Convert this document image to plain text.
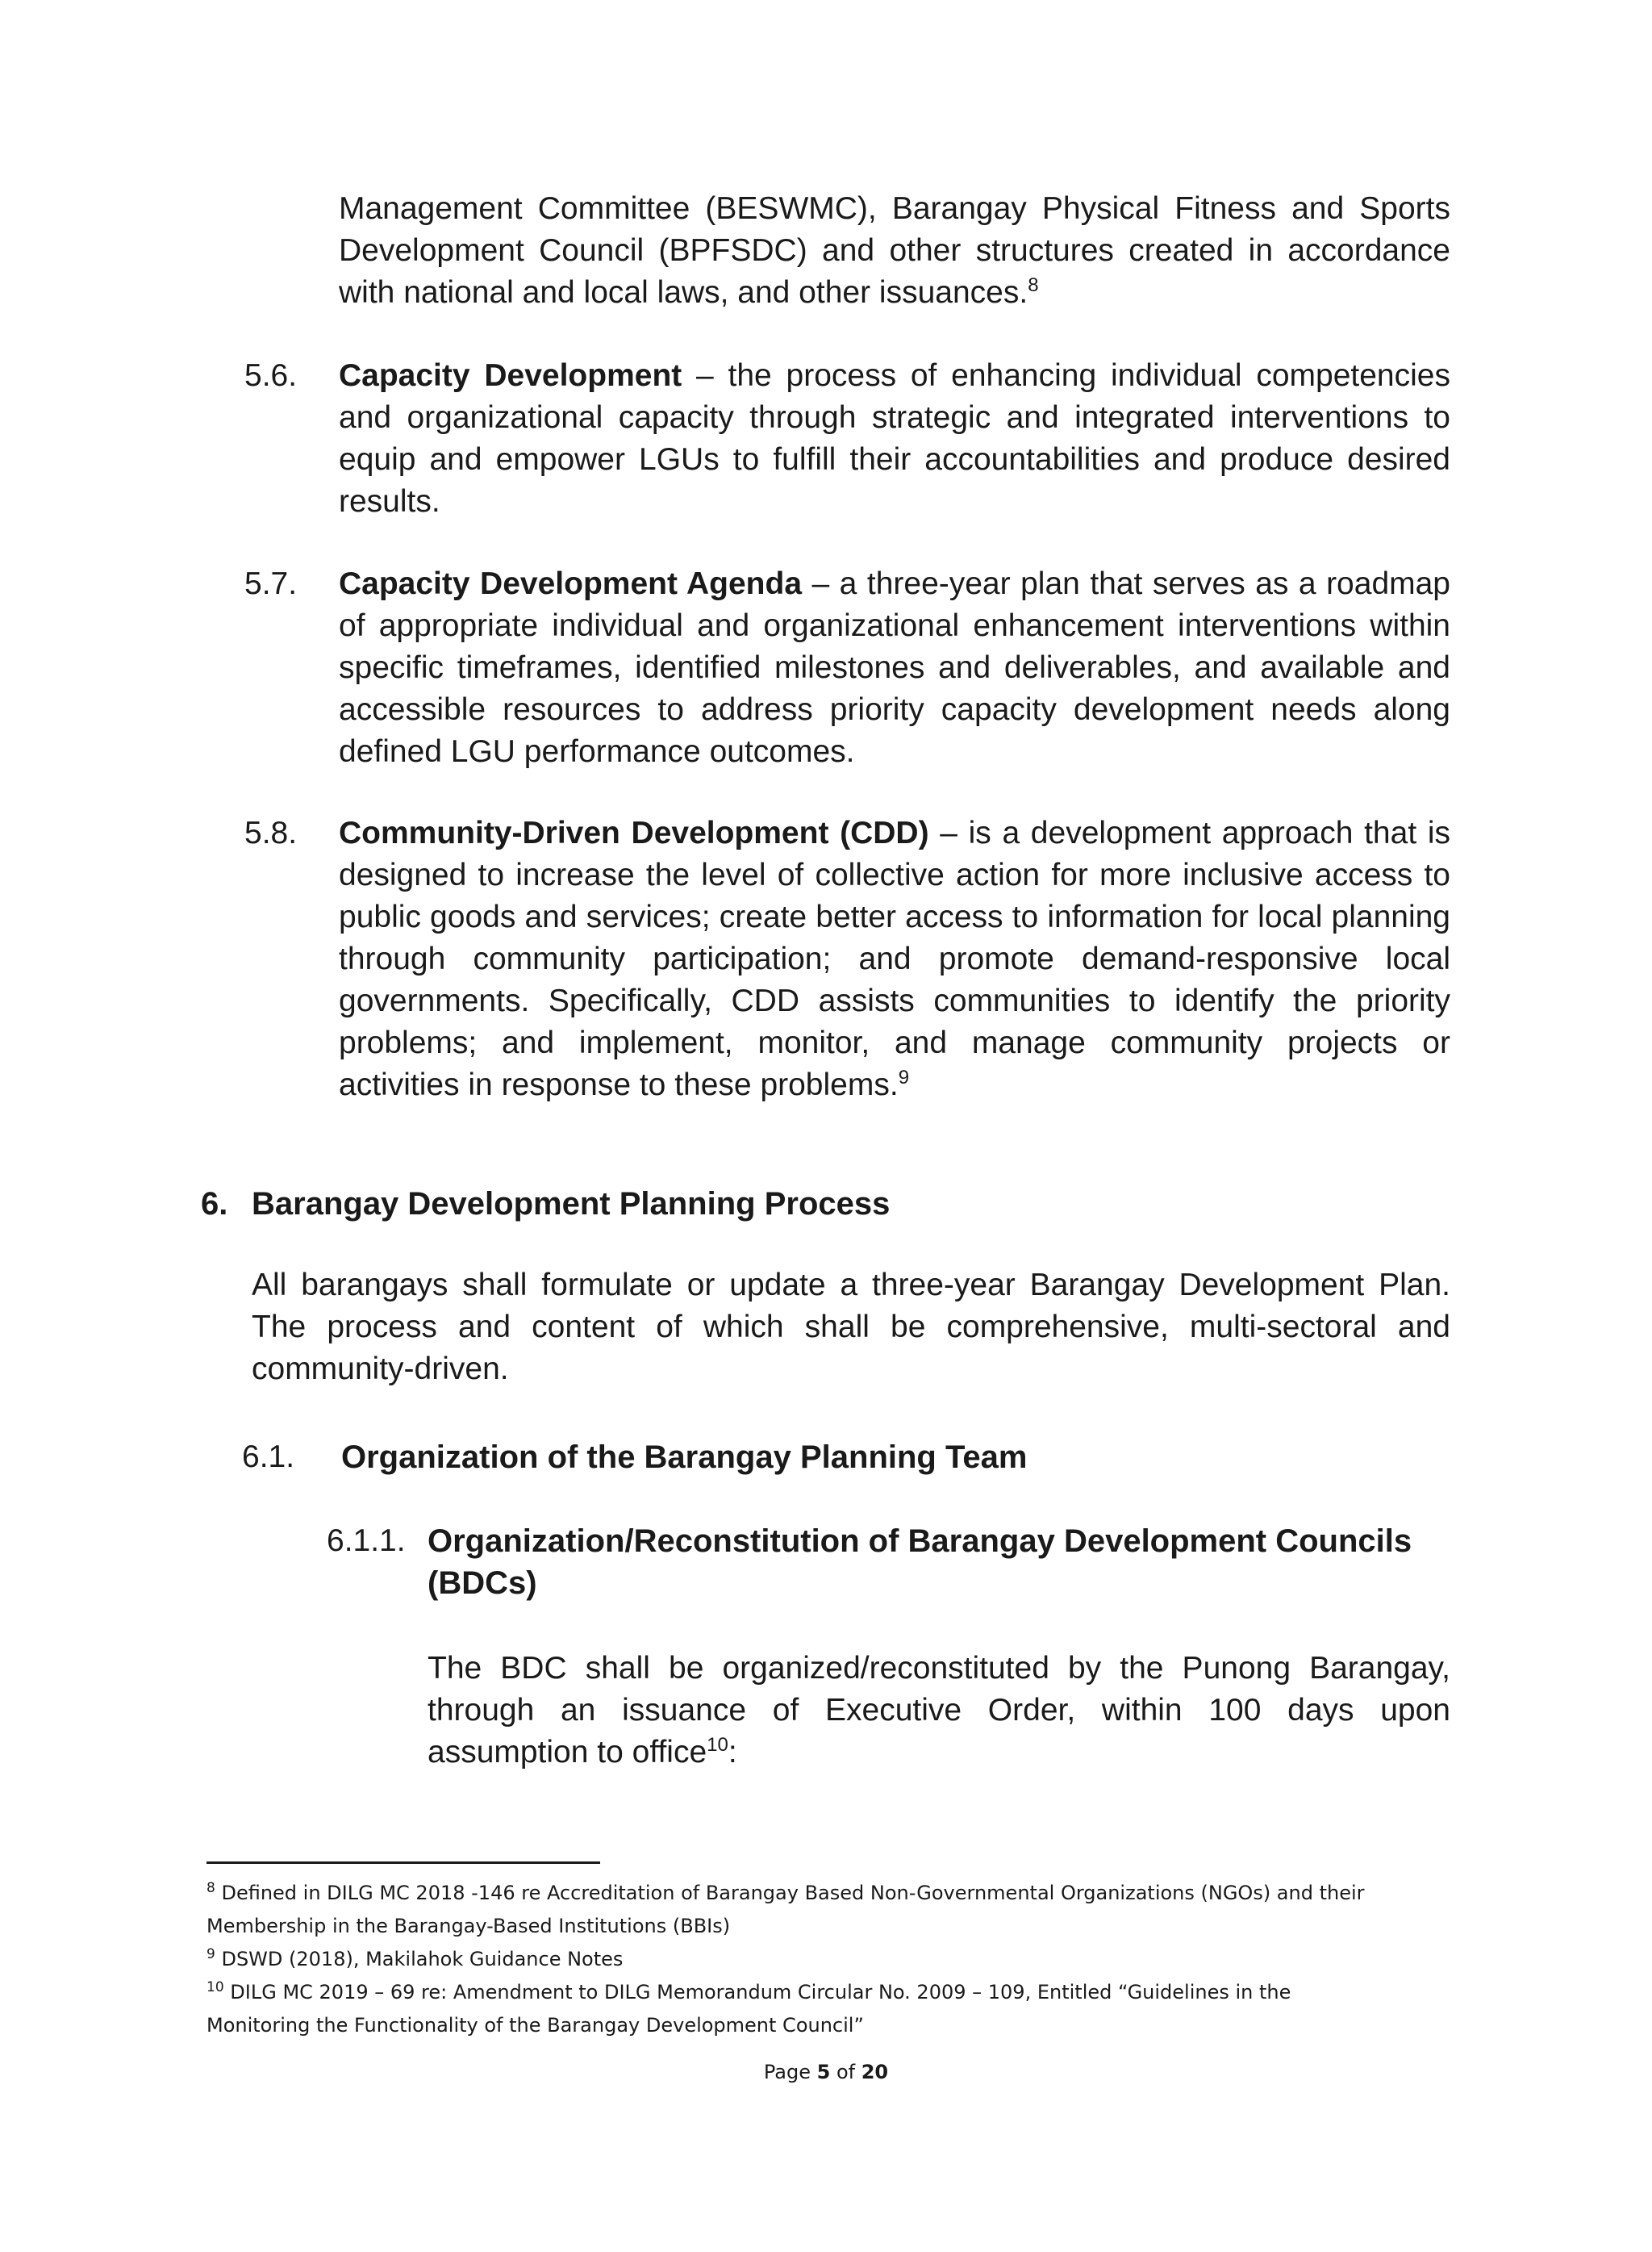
Management Committee (BESWMC), Barangay Physical Fitness and Sports Development Council (BPFSDC) and other structures created in accordance with national and local laws, and other issuances.$^8$

5.6. Capacity Development – the process of enhancing individual competencies and organizational capacity through strategic and integrated interventions to equip and empower LGUs to fulfill their accountabilities and produce desired results.

5.7. Capacity Development Agenda – a three-year plan that serves as a roadmap of appropriate individual and organizational enhancement interventions within specific timeframes, identified milestones and deliverables, and available and accessible resources to address priority capacity development needs along defined LGU performance outcomes.

5.8. Community-Driven Development (CDD) – is a development approach that is designed to increase the level of collective action for more inclusive access to public goods and services; create better access to information for local planning through community participation; and promote demand-responsive local governments. Specifically, CDD assists communities to identify the priority problems; and implement, monitor, and manage community projects or activities in response to these problems.$^9$

6. Barangay Development Planning Process

All barangays shall formulate or update a three-year Barangay Development Plan. The process and content of which shall be comprehensive, multi-sectoral and community-driven.

6.1. Organization of the Barangay Planning Team
6.1.1. Organization/Reconstitution of Barangay Development Councils (BDCs)

The BDC shall be organized/reconstituted by the Punong Barangay, through an issuance of Executive Order, within 100 days upon assumption to office$^{10}$:

$^8$ Defined in DILG MC 2018 -146 re Accreditation of Barangay Based Non-Governmental Organizations (NGOs) and their

Membership in the Barangay-Based Institutions (BBIs)

$^9$ DSWD (2018), Makilahok Guidance Notes

$^{10}$ DILG MC 2019 – 69 re: Amendment to DILG Memorandum Circular No. 2009 – 109, Entitled “Guidelines in the

Monitoring the Functionality of the Barangay Development Council”

Page 5 of 20
